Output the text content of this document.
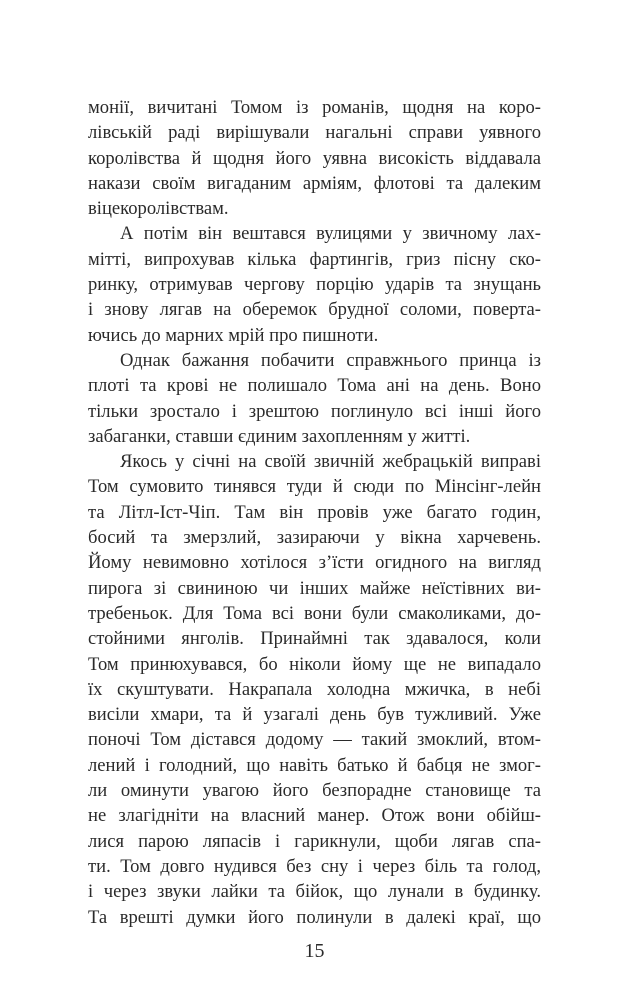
монії, вичитані Томом із романів, щодня на коро-
лівській раді вирішували нагальні справи уявного
королівства й щодня його уявна високість віддавала
накази своїм вигаданим арміям, флотові та далеким
віцекоролівствам.
А потім він вештався вулицями у звичному лах-
мітті, випрохував кілька фартингів, гриз пісну ско-
ринку, отримував чергову порцію ударів та знущань
і знову лягав на оберемок брудної соломи, поверта-
ючись до марних мрій про пишноти.
Однак бажання побачити справжнього принца із
плоті та крові не полишало Тома ані на день. Воно
тільки зростало і зрештою поглинуло всі інші його
забаганки, ставши єдиним захопленням у житті.
Якось у січні на своїй звичній жебрацькій виправі
Том сумовито тинявся туди й сюди по Мінсінг-лейн
та Літл-Іст-Чіп. Там він провів уже багато годин,
босий та змерзлий, зазираючи у вікна харчевень.
Йому невимовно хотілося з’їсти огидного на вигляд
пирога зі свининою чи інших майже неїстівних ви-
требеньок. Для Тома всі вони були смаколиками, до-
стойними янголів. Принаймні так здавалося, коли
Том принюхувався, бо ніколи йому ще не випадало
їх скуштувати. Накрапала холодна мжичка, в небі
висіли хмари, та й узагалі день був тужливий. Уже
поночі Том дістався додому — такий змоклий, втом-
лений і голодний, що навіть батько й бабця не змог-
ли оминути увагою його безпорадне становище та
не злагідніти на власний манер. Отож вони обійш-
лися парою ляпасів і гарикнули, щоби лягав спа-
ти. Том довго нудився без сну і через біль та голод,
і через звуки лайки та бійок, що лунали в будинку.
Та врешті думки його полинули в далекі краї, що
15
